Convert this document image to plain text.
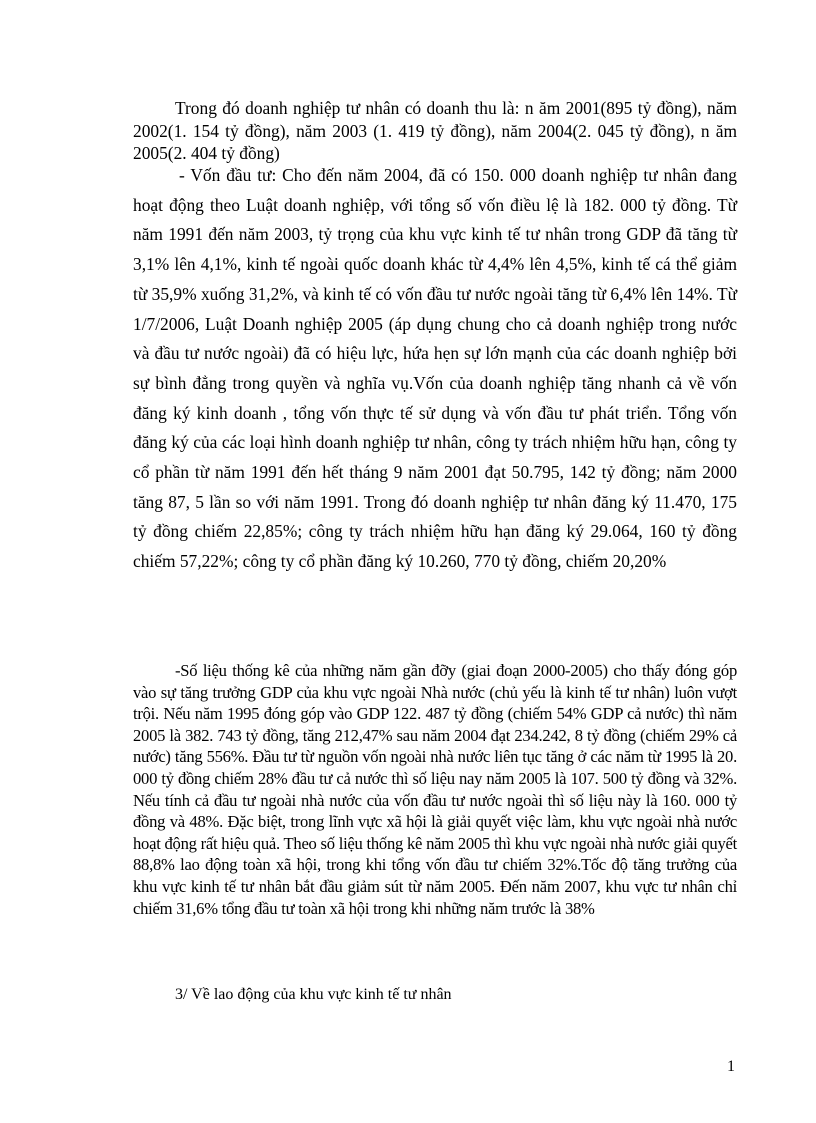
Trong đó doanh nghiệp tư nhân có doanh thu là: n ăm 2001(895 tỷ đồng), năm 2002(1. 154 tỷ đồng), năm 2003 (1. 419 tỷ đồng), năm 2004(2. 045 tỷ đồng), n ăm 2005(2. 404 tỷ đồng)

- Vốn đầu tư: Cho đến năm 2004, đã có 150. 000 doanh nghiệp tư nhân đang hoạt động theo Luật doanh nghiệp, với tổng số vốn điều lệ là 182. 000 tỷ đồng. Từ năm 1991 đến năm 2003, tỷ trọng của khu vực kinh tế tư nhân trong GDP đã tăng từ 3,1% lên 4,1%, kinh tế ngoài quốc doanh khác từ 4,4% lên 4,5%, kinh tế cá thể giảm từ 35,9% xuống 31,2%, và kinh tế có vốn đầu tư nước ngoài tăng từ 6,4% lên 14%. Từ 1/7/2006, Luật Doanh nghiệp 2005 (áp dụng chung cho cả doanh nghiệp trong nước và đầu tư nước ngoài) đã có hiệu lực, hứa hẹn sự lớn mạnh của các doanh nghiệp bởi sự bình đẳng trong quyền và nghĩa vụ.Vốn của doanh nghiệp tăng nhanh cả về vốn đăng ký kinh doanh , tổng vốn thực tế sử dụng và vốn đầu tư phát triển. Tổng vốn đăng ký của các loại hình doanh nghiệp tư nhân, công ty trách nhiệm hữu hạn, công ty cổ phần từ năm 1991 đến hết tháng 9 năm 2001 đạt 50.795, 142 tỷ đồng; năm 2000 tăng 87, 5 lần so với năm 1991. Trong đó doanh nghiệp tư nhân đăng ký 11.470, 175 tỷ đồng chiếm 22,85%; công ty trách nhiệm hữu hạn đăng ký 29.064, 160 tỷ đồng chiếm 57,22%; công ty cổ phần đăng ký 10.260, 770 tỷ đồng, chiếm 20,20%

-Số liệu thống kê của những năm gần đỡy (giai đoạn 2000-2005) cho thấy đóng góp vào sự tăng trưởng GDP của khu vực ngoài Nhà nước (chủ yếu là kinh tế tư nhân) luôn vượt trội. Nếu năm 1995 đóng góp vào GDP 122. 487 tỷ đồng (chiếm 54% GDP cả nước) thì năm 2005 là 382. 743 tỷ đồng, tăng 212,47% sau năm 2004 đạt 234.242, 8 tỷ đồng (chiếm 29% cả nước) tăng 556%. Đầu tư từ nguồn vốn ngoài nhà nước liên tục tăng ở các năm từ 1995 là 20. 000 tỷ đồng chiếm 28% đầu tư cả nước thì số liệu nay năm 2005 là 107. 500 tỷ đồng và 32%. Nếu tính cả đầu tư ngoài nhà nước của vốn đầu tư nước ngoài thì số liệu này là 160. 000 tỷ đồng và 48%. Đặc biệt, trong lĩnh vực xã hội là giải quyết việc làm, khu vực ngoài nhà nước hoạt động rất hiệu quả. Theo số liệu thống kê năm 2005 thì khu vực ngoài nhà nước giải quyết 88,8% lao động toàn xã hội, trong khi tổng vốn đầu tư chiếm 32%.Tốc độ tăng trưởng của khu vực kinh tế tư nhân bắt đầu giảm sút từ năm 2005. Đến năm 2007, khu vực tư nhân chỉ chiếm 31,6% tổng đầu tư toàn xã hội trong khi những năm trước là 38%

3/ Về lao động của khu vực kinh tế tư nhân

1
